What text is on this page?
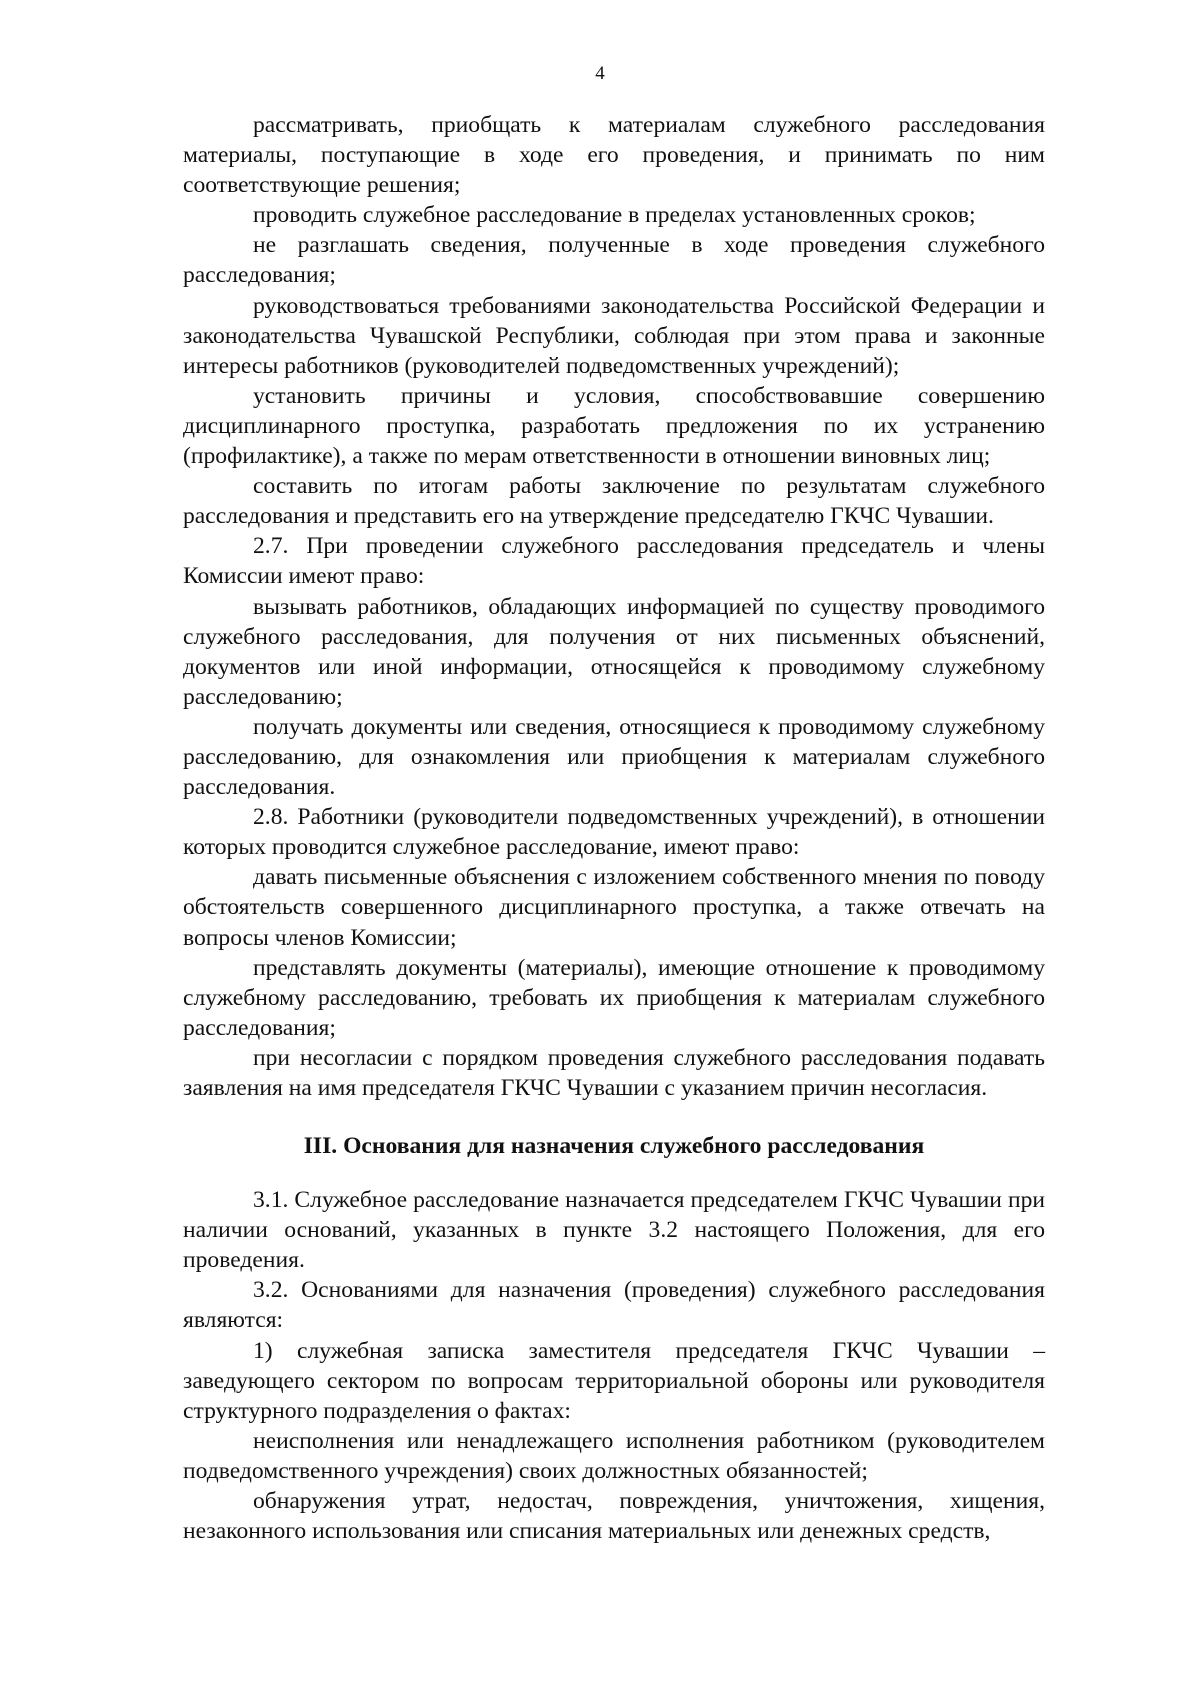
4

рассматривать, приобщать к материалам служебного расследования материалы, поступающие в ходе его проведения, и принимать по ним соответствующие решения;

проводить служебное расследование в пределах установленных сроков;

не разглашать сведения, полученные в ходе проведения служебного расследования;

руководствоваться требованиями законодательства Российской Федерации и законодательства Чувашской Республики, соблюдая при этом права и законные интересы работников (руководителей подведомственных учреждений);

установить причины и условия, способствовавшие совершению дисциплинарного проступка, разработать предложения по их устранению (профилактике), а также по мерам ответственности в отношении виновных лиц;

составить по итогам работы заключение по результатам служебного расследования и представить его на утверждение председателю ГКЧС Чувашии.

2.7. При проведении служебного расследования председатель и члены Комиссии имеют право:

вызывать работников, обладающих информацией по существу проводимого служебного расследования, для получения от них письменных объяснений, документов или иной информации, относящейся к проводимому служебному расследованию;

получать документы или сведения, относящиеся к проводимому служебному расследованию, для ознакомления или приобщения к материалам служебного расследования.

2.8. Работники (руководители подведомственных учреждений), в отношении которых проводится служебное расследование, имеют право:

давать письменные объяснения с изложением собственного мнения по поводу обстоятельств совершенного дисциплинарного проступка, а также отвечать на вопросы членов Комиссии;

представлять документы (материалы), имеющие отношение к проводимому служебному расследованию, требовать их приобщения к материалам служебного расследования;

при несогласии с порядком проведения служебного расследования подавать заявления на имя председателя ГКЧС Чувашии с указанием причин несогласия.

III. Основания для назначения служебного расследования

3.1. Служебное расследование назначается председателем ГКЧС Чувашии при наличии оснований, указанных в пункте 3.2 настоящего Положения, для его проведения.

3.2. Основаниями для назначения (проведения) служебного расследования являются:

1) служебная записка заместителя председателя ГКЧС Чувашии – заведующего сектором по вопросам территориальной обороны или руководителя структурного подразделения о фактах:

неисполнения или ненадлежащего исполнения работником (руководителем подведомственного учреждения) своих должностных обязанностей;

обнаружения утрат, недостач, повреждения, уничтожения, хищения, незаконного использования или списания материальных или денежных средств,
